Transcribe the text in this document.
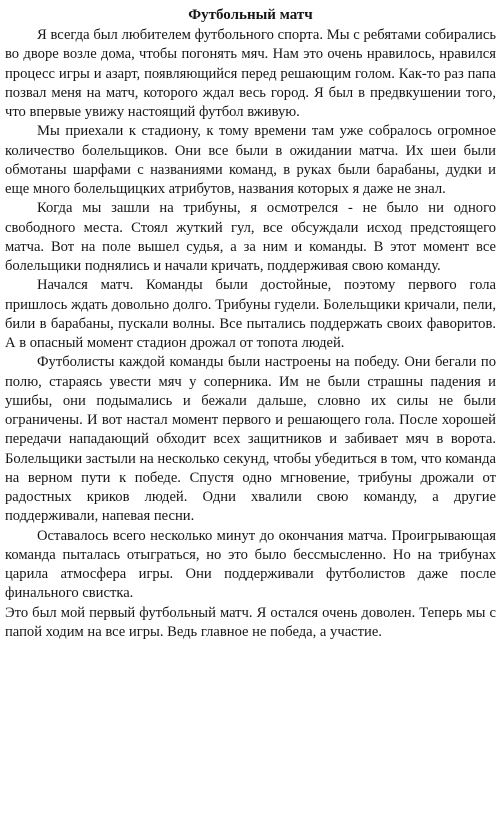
Футбольный матч

Я всегда был любителем футбольного спорта. Мы с ребятами собирались во дворе возле дома, чтобы погонять мяч. Нам это очень нравилось, нравился процесс игры и азарт, появляющийся перед решающим голом. Как-то раз папа позвал меня на матч, которого ждал весь город. Я был в предвкушении того, что впервые увижу настоящий футбол вживую.

Мы приехали к стадиону, к тому времени там уже собралось огромное количество болельщиков. Они все были в ожидании матча. Их шеи были обмотаны шарфами с названиями команд, в руках были барабаны, дудки и еще много болельщицких атрибутов, названия которых я даже не знал.

Когда мы зашли на трибуны, я осмотрелся - не было ни одного свободного места. Стоял жуткий гул, все обсуждали исход предстоящего матча. Вот на поле вышел судья, а за ним и команды. В этот момент все болельщики поднялись и начали кричать, поддерживая свою команду.

Начался матч. Команды были достойные, поэтому первого гола пришлось ждать довольно долго. Трибуны гудели. Болельщики кричали, пели, били в барабаны, пускали волны. Все пытались поддержать своих фаворитов. А в опасный момент стадион дрожал от топота людей.

Футболисты каждой команды были настроены на победу. Они бегали по полю, стараясь увести мяч у соперника. Им не были страшны падения и ушибы, они подымались и бежали дальше, словно их силы не были ограничены. И вот настал момент первого и решающего гола. После хорошей передачи нападающий обходит всех защитников и забивает мяч в ворота. Болельщики застыли на несколько секунд, чтобы убедиться в том, что команда на верном пути к победе. Спустя одно мгновение, трибуны дрожали от радостных криков людей. Одни хвалили свою команду, а другие поддерживали, напевая песни.

Оставалось всего несколько минут до окончания матча. Проигрывающая команда пыталась отыграться, но это было бессмысленно. Но на трибунах царила атмосфера игры. Они поддерживали футболистов даже после финального свистка.

Это был мой первый футбольный матч. Я остался очень доволен. Теперь мы с папой ходим на все игры. Ведь главное не победа, а участие.
